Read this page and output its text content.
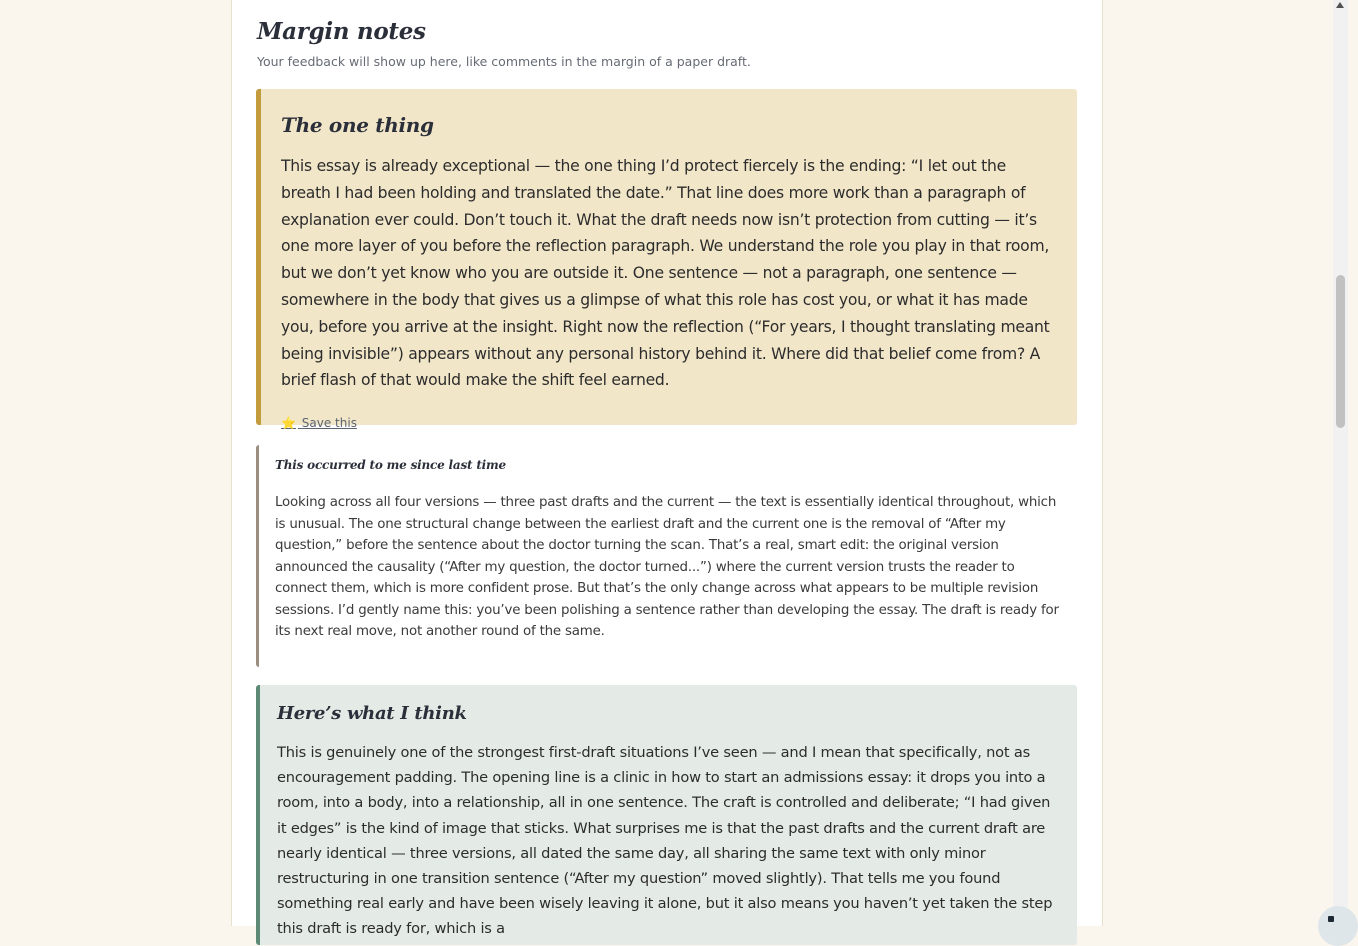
Margin notes
Your feedback will show up here, like comments in the margin of a paper draft.
The one thing

This essay is already exceptional — the one thing I’d protect fiercely is the ending: “I let out the breath I had been holding and translated the date.” That line does more work than a paragraph of explanation ever could. Don’t touch it. What the draft needs now isn’t protection from cutting — it’s one more layer of you before the reflection paragraph. We understand the role you play in that room, but we don’t yet know who you are outside it. One sentence — not a paragraph, one sentence — somewhere in the body that gives us a glimpse of what this role has cost you, or what it has made you, before you arrive at the insight. Right now the reflection (“For years, I thought translating meant being invisible”) appears without any personal history behind it. Where did that belief come from? A brief flash of that would make the shift feel earned.

⭐ Save this
This occurred to me since last time

Looking across all four versions — three past drafts and the current — the text is essentially identical throughout, which is unusual. The one structural change between the earliest draft and the current one is the removal of “After my question,” before the sentence about the doctor turning the scan. That’s a real, smart edit: the original version announced the causality (“After my question, the doctor turned...”) where the current version trusts the reader to connect them, which is more confident prose. But that’s the only change across what appears to be multiple revision sessions. I’d gently name this: you’ve been polishing a sentence rather than developing the essay. The draft is ready for its next real move, not another round of the same.

Here’s what I think

This is genuinely one of the strongest first-draft situations I’ve seen — and I mean that specifically, not as encouragement padding. The opening line is a clinic in how to start an admissions essay: it drops you into a room, into a body, into a relationship, all in one sentence. The craft is controlled and deliberate; “I had given it edges” is the kind of image that sticks. What surprises me is that the past drafts and the current draft are nearly identical — three versions, all dated the same day, all sharing the same text with only minor restructuring in one transition sentence (“After my question” moved slightly). That tells me you found something real early and have been wisely leaving it alone, but it also means you haven’t yet taken the step this draft is ready for, which is a
